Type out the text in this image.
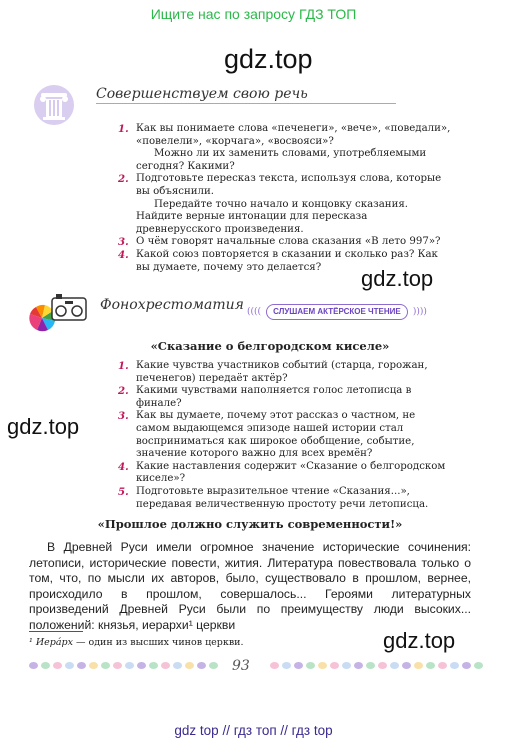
Ищите нас по запросу ГДЗ ТОП
gdz.top
Совершенствуем свою речь

1. Как вы понимаете слова «печенеги», «вече», «поведали», «повелели», «корчага», «восвояси»?
Можно ли их заменить словами, употребляемыми сегодня? Какими?

2. Подготовьте пересказ текста, используя слова, которые вы объяснили.
Передайте точно начало и концовку сказания. Найдите верные интонации для пересказа древнерусского произведения.

3. О чём говорят начальные слова сказания «В лето 997»?

4. Какой союз повторяется в сказании и сколько раз? Как вы думаете, почему это делается?	gdz.top
Фонохрестоматия (((( СЛУШАЕМ АКТЁРСКОЕ ЧТЕНИЕ ))))
«Сказание о белгородском киселе»

1. Какие чувства участников событий (старца, горожан, печенегов) передаёт актёр?

2. Какими чувствами наполняется голос летописца в финале?

3. Как вы думаете, почему этот рассказ о частном, не самом выдающемся эпизоде нашей истории стал восприниматься как широкое обобщение, событие, значение которого важно для всех времён?

4. Какие наставления содержит «Сказание о белгородском киселе»?

5. Подготовьте выразительное чтение «Сказания...», передавая величественную простоту речи летописца.

gdz.top
«Прошлое должно служить современности!»
В Древней Руси имели огромное значение исторические сочинения: летописи, исторические повести, жития. Литература повествовала только о том, что, по мысли их авторов, было, существовало в прошлом, вернее, происходило в прошлом, совершалось... Героями литературных произведений Древней Руси были по преимуществу люди высоких... положений: князья, иерархи¹ церкви
¹ Иера́рх — один из высших чинов церкви.	gdz.top
93
gdz top // гдз топ // гдз top
